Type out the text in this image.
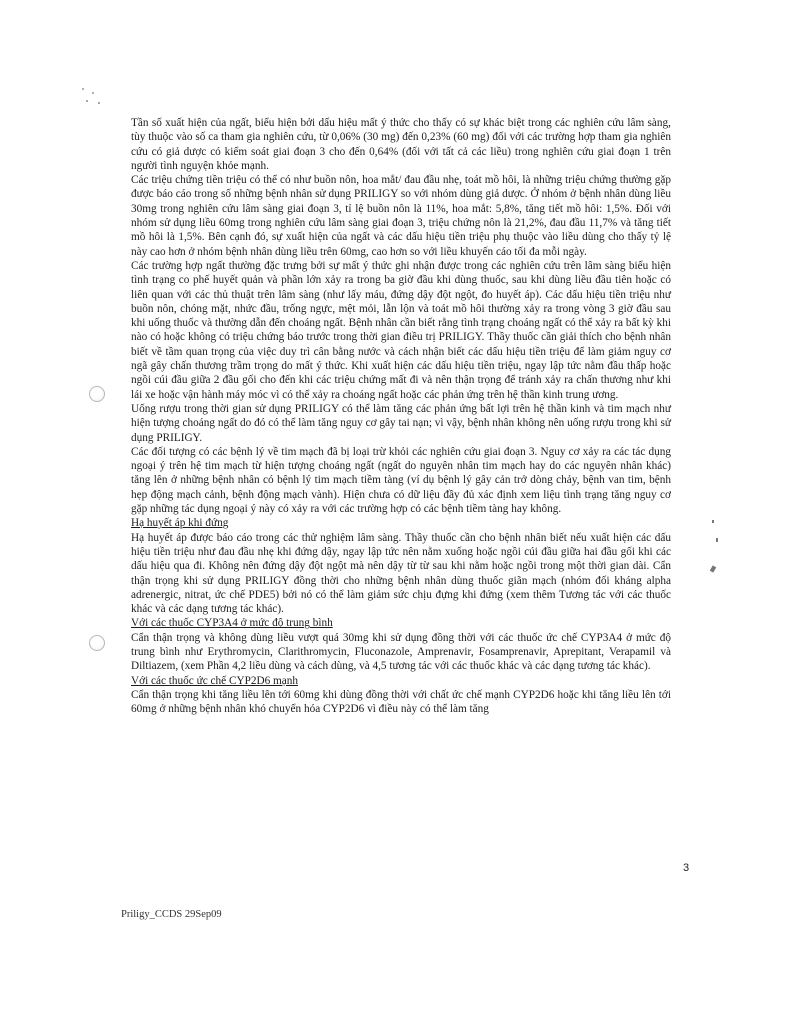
Tần số xuất hiện của ngất, biểu hiện bởi dấu hiệu mất ý thức cho thấy có sự khác biệt trong các nghiên cứu lâm sàng, tùy thuộc vào số ca tham gia nghiên cứu, từ 0,06% (30 mg) đến 0,23% (60 mg) đối với các trường hợp tham gia nghiên cứu có giả dược có kiểm soát giai đoạn 3 cho đến 0,64% (đối với tất cả các liều) trong nghiên cứu giai đoạn 1 trên người tình nguyện khỏe mạnh.

Các triệu chứng tiền triệu có thể có như buồn nôn, hoa mắt/ đau đầu nhẹ, toát mồ hôi, là những triệu chứng thường gặp được báo cáo trong số những bệnh nhân sử dụng PRILIGY so với nhóm dùng giả dược. Ở nhóm ở bệnh nhân dùng liều 30mg trong nghiên cứu lâm sàng giai đoạn 3, tỉ lệ buồn nôn là 11%, hoa mắt: 5,8%, tăng tiết mồ hôi: 1,5%. Đối với nhóm sử dụng liều 60mg trong nghiên cứu lâm sàng giai đoạn 3, triệu chứng nôn là 21,2%, đau đầu 11,7% và tăng tiết mồ hôi là 1,5%. Bên cạnh đó, sự xuất hiện của ngất và các dấu hiệu tiền triệu phụ thuộc vào liều dùng cho thấy tỷ lệ này cao hơn ở nhóm bệnh nhân dùng liều trên 60mg, cao hơn so với liều khuyến cáo tối đa mỗi ngày.

Các trường hợp ngất thường đặc trưng bởi sự mất ý thức ghi nhận được trong các nghiên cứu trên lâm sàng biểu hiện tình trạng co phế huyết quản và phần lớn xảy ra trong ba giờ đầu khi dùng thuốc, sau khi dùng liều đầu tiên hoặc có liên quan với các thủ thuật trên lâm sàng (như lấy máu, đứng dậy đột ngột, đo huyết áp). Các dấu hiệu tiền triệu như buồn nôn, chóng mặt, nhức đầu, trống ngực, mệt mỏi, lẫn lộn và toát mồ hôi thường xảy ra trong vòng 3 giờ đầu sau khi uống thuốc và thường dẫn đến choáng ngất. Bệnh nhân cần biết rằng tình trạng choáng ngất có thể xảy ra bất kỳ khi nào có hoặc không có triệu chứng báo trước trong thời gian điều trị PRILIGY. Thầy thuốc cần giải thích cho bệnh nhân biết về tầm quan trọng của việc duy trì cân bằng nước và cách nhận biết các dấu hiệu tiền triệu để làm giảm nguy cơ ngã gây chấn thương trầm trọng do mất ý thức. Khi xuất hiện các dấu hiệu tiền triệu, ngay lập tức nằm đầu thấp hoặc ngồi cúi đầu giữa 2 đầu gối cho đến khi các triệu chứng mất đi và nên thận trọng để tránh xảy ra chấn thương như khi lái xe hoặc vận hành máy móc vì có thể xảy ra choáng ngất hoặc các phản ứng trên hệ thần kinh trung ương.

Uống rượu trong thời gian sử dụng PRILIGY có thể làm tăng các phản ứng bất lợi trên hệ thần kinh và tim mạch như hiện tượng choáng ngất do đó có thể làm tăng nguy cơ gây tai nạn; vì vậy, bệnh nhân không nên uống rượu trong khi sử dụng PRILIGY.

Các đối tượng có các bệnh lý về tim mạch đã bị loại trừ khỏi các nghiên cứu giai đoạn 3. Nguy cơ xảy ra các tác dụng ngoại ý trên hệ tim mạch từ hiện tượng choáng ngất (ngất do nguyên nhân tim mạch hay do các nguyên nhân khác) tăng lên ở những bệnh nhân có bệnh lý tim mạch tiềm tàng (ví dụ bệnh lý gây cản trở dòng chảy, bệnh van tim, bệnh hẹp động mạch cảnh, bệnh động mạch vành). Hiện chưa có dữ liệu đầy đủ xác định xem liệu tình trạng tăng nguy cơ gặp những tác dụng ngoại ý này có xảy ra với các trường hợp có các bệnh tiềm tàng hay không.

Hạ huyết áp khi đứng

Hạ huyết áp được báo cáo trong các thử nghiệm lâm sàng. Thầy thuốc cần cho bệnh nhân biết nếu xuất hiện các dấu hiệu tiền triệu như đau đầu nhẹ khi đứng dậy, ngay lập tức nên nằm xuống hoặc ngồi cúi đầu giữa hai đầu gối khi các dấu hiệu qua đi. Không nên đứng dậy đột ngột mà nên dậy từ từ sau khi nằm hoặc ngồi trong một thời gian dài. Cẩn thận trọng khi sử dụng PRILIGY đồng thời cho những bệnh nhân dùng thuốc giãn mạch (nhóm đối kháng alpha adrenergic, nitrat, ức chế PDE5) bởi nó có thể làm giảm sức chịu đựng khi đứng (xem thêm Tương tác với các thuốc khác và các dạng tương tác khác).

Với các thuốc CYP3A4 ở mức độ trung bình

Cẩn thận trọng và không dùng liều vượt quá 30mg khi sử dụng đồng thời với các thuốc ức chế CYP3A4 ở mức độ trung bình như Erythromycin, Clarithromycin, Fluconazole, Amprenavir, Fosamprenavir, Aprepitant, Verapamil và Diltiazem, (xem Phần 4,2 liều dùng và cách dùng, và 4,5 tương tác với các thuốc khác và các dạng tương tác khác).

Với các thuốc ức chế CYP2D6 mạnh

Cẩn thận trọng khi tăng liều lên tới 60mg khi dùng đồng thời với chất ức chế mạnh CYP2D6 hoặc khi tăng liều lên tới 60mg ở những bệnh nhân khó chuyển hóa CYP2D6 vì điều này có thể làm tăng

3
Priligy_CCDS 29Sep09
